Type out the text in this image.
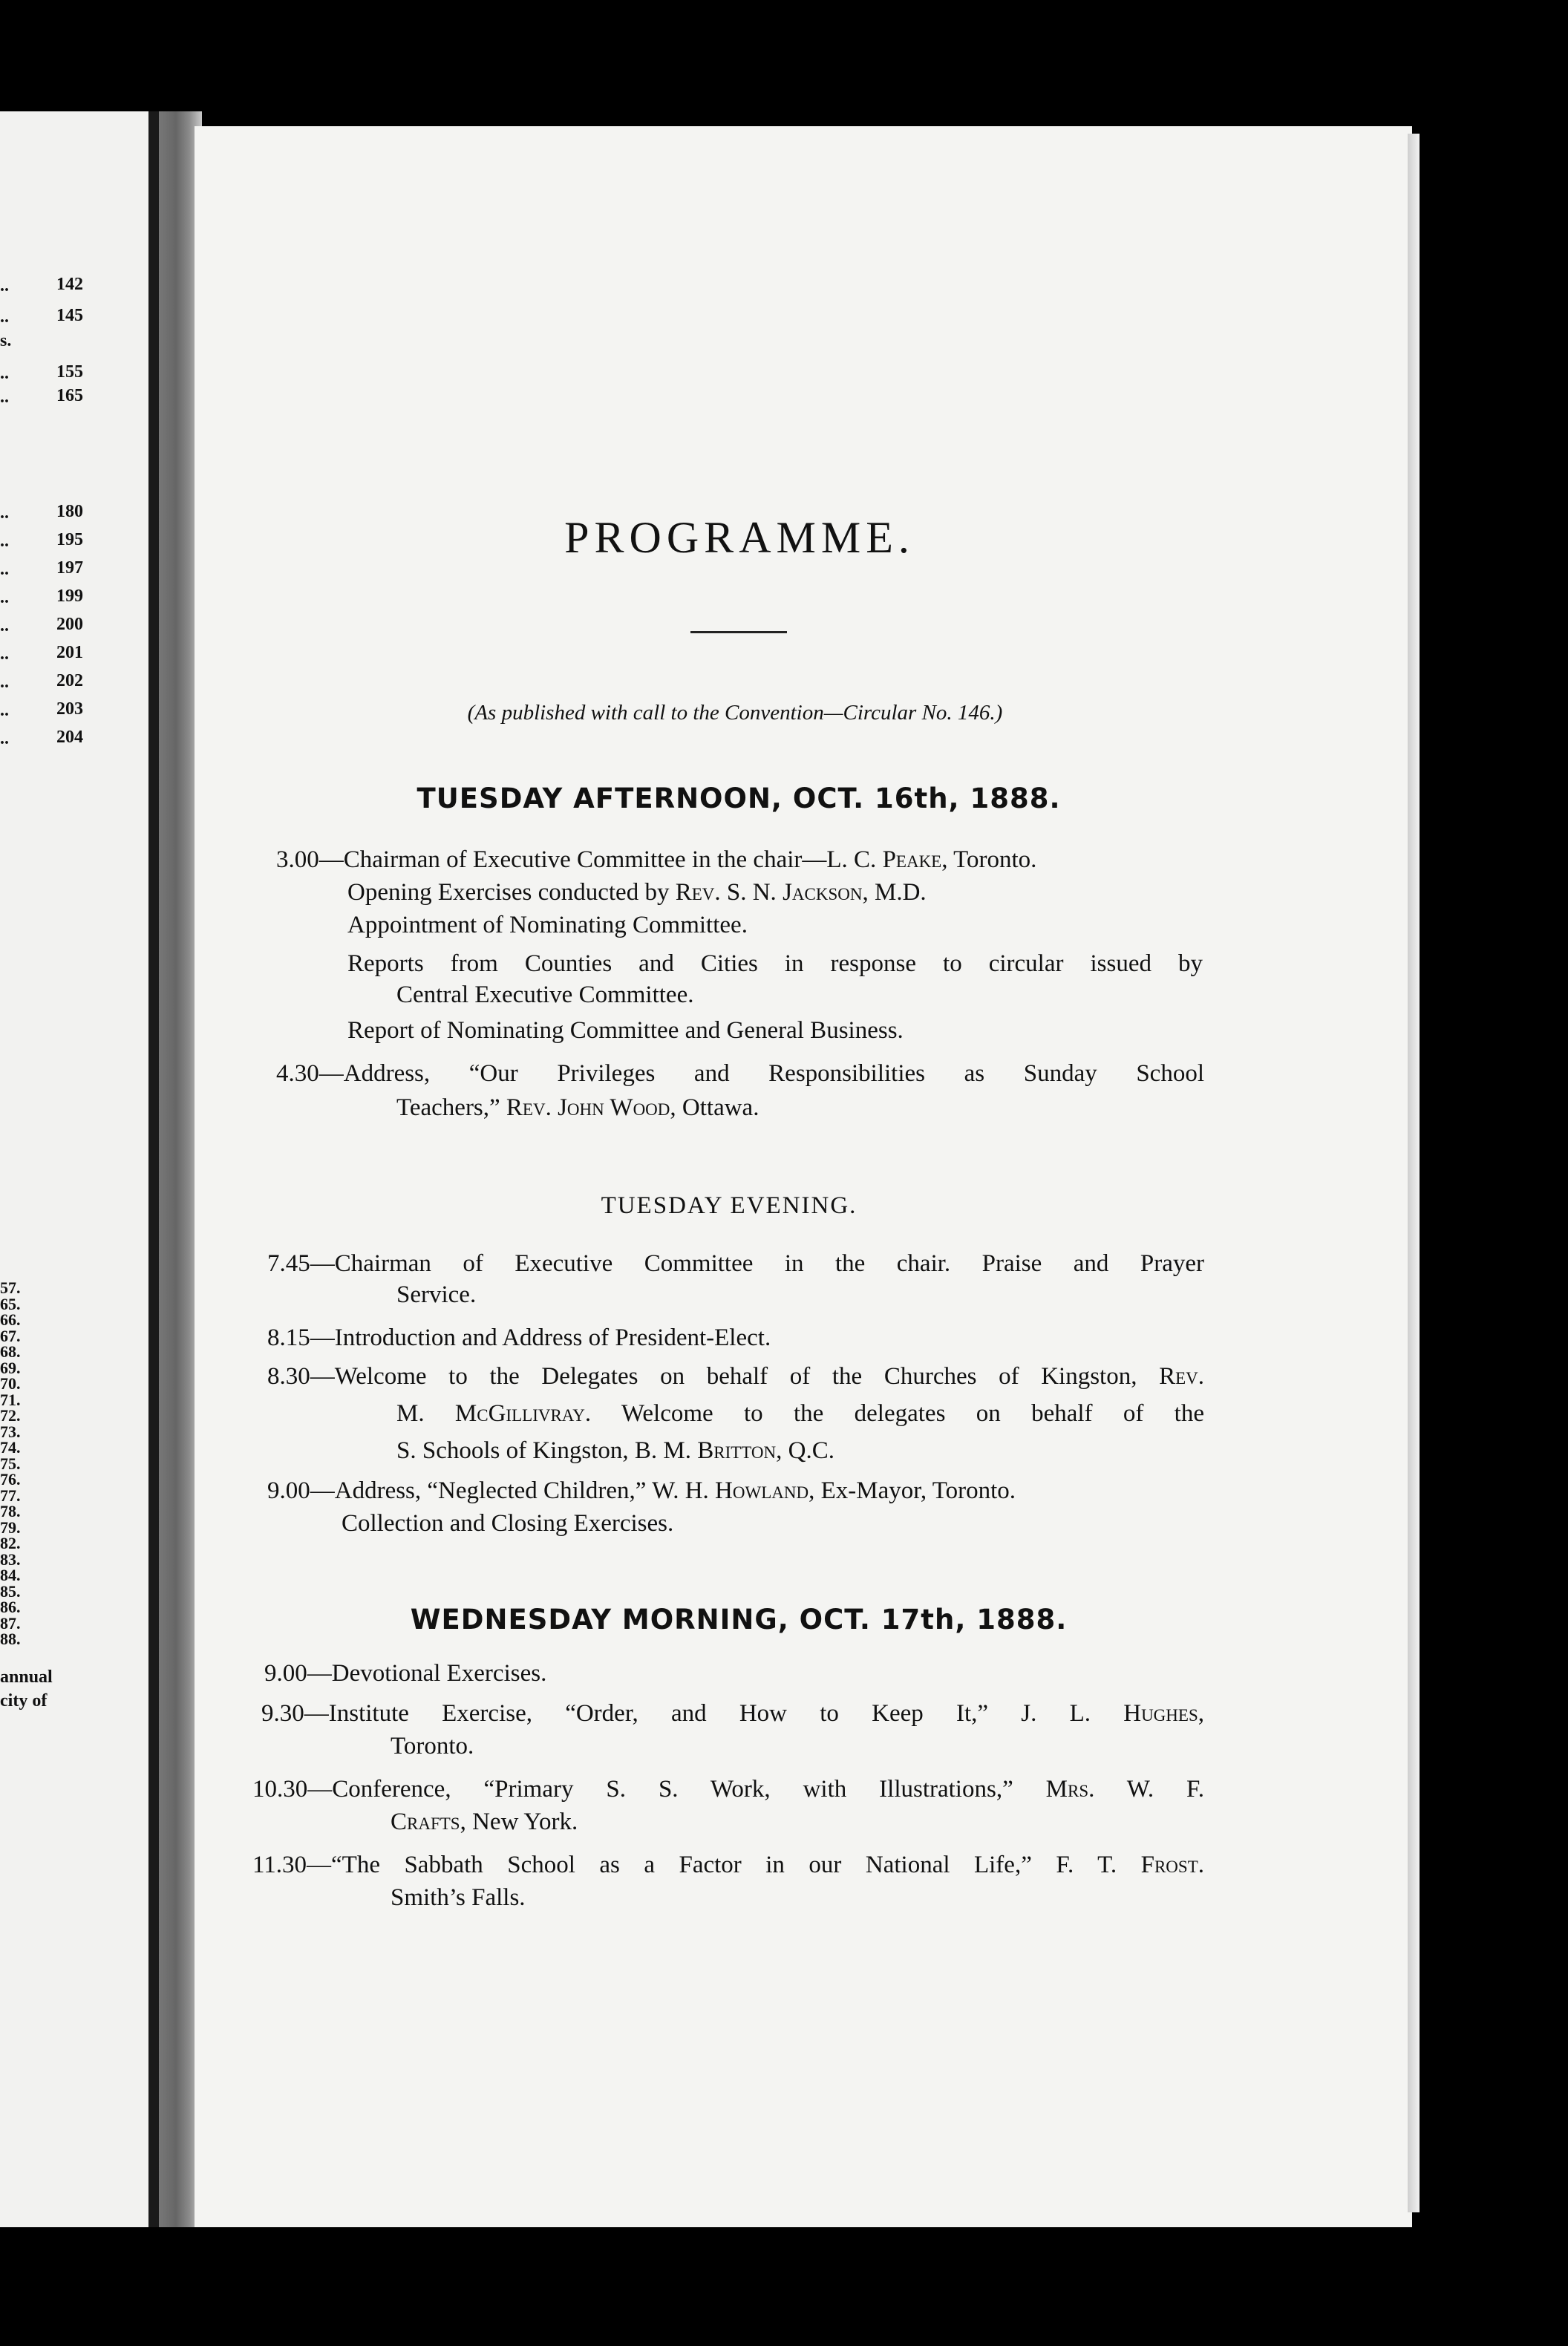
..	142
..	145
s.
..	155
..	165
..	180
..	195
..	197
..	199
..	200
..	201
..	202
..	203
..	204
57.
65.
66.
67.
68.
69.
70.
71.
72.
73.
74.
75.
76.
77.
78.
79.
82.
83.
84.
85.
86.
87.
88.
annual
city of
PROGRAMME.
(As published with call to the Convention—Circular No. 146.)
TUESDAY AFTERNOON, OCT. 16th, 1888.
3.00—Chairman of Executive Committee in the chair—L. C. Peake, Toronto.
Opening Exercises conducted by Rev. S. N. Jackson, M.D.
Appointment of Nominating Committee.
Reports from Counties and Cities in response to circular issued by
Central Executive Committee.
Report of Nominating Committee and General Business.
4.30—Address, “Our Privileges and Responsibilities as Sunday School
Teachers,” Rev. John Wood, Ottawa.
TUESDAY EVENING.
7.45—Chairman of Executive Committee in the chair. Praise and Prayer
Service.
8.15—Introduction and Address of President-Elect.
8.30—Welcome to the Delegates on behalf of the Churches of Kingston, Rev.
M. McGillivray. Welcome to the delegates on behalf of the
S. Schools of Kingston, B. M. Britton, Q.C.
9.00—Address, “Neglected Children,” W. H. Howland, Ex-Mayor, Toronto.
Collection and Closing Exercises.
WEDNESDAY MORNING, OCT. 17th, 1888.
9.00—Devotional Exercises.
9.30—Institute Exercise, “Order, and How to Keep It,” J. L. Hughes,
Toronto.
10.30—Conference, “Primary S. S. Work, with Illustrations,” Mrs. W. F.
Crafts, New York.
11.30—“The Sabbath School as a Factor in our National Life,” F. T. Frost.
Smith’s Falls.
